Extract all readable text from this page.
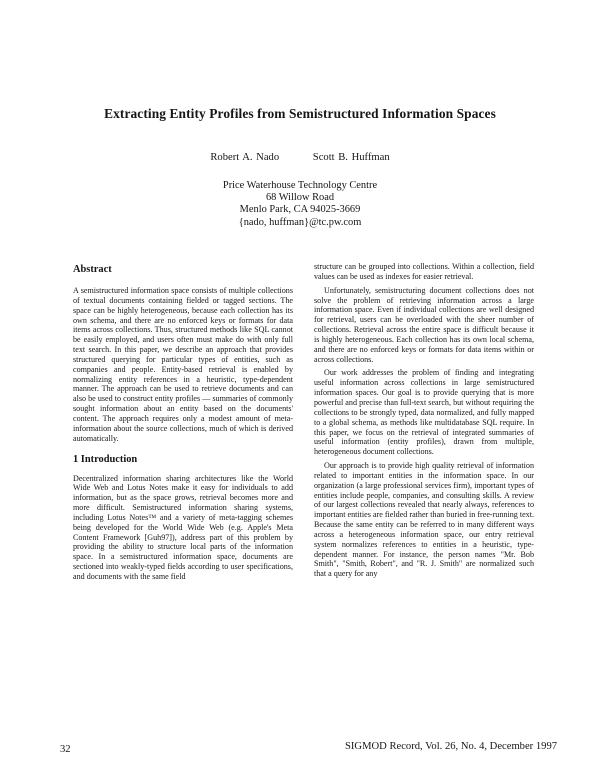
Extracting Entity Profiles from Semistructured Information Spaces
Robert A. Nado	Scott B. Huffman
Price Waterhouse Technology Centre
68 Willow Road
Menlo Park, CA 94025-3669
{nado, huffman}@tc.pw.com
Abstract

A semistructured information space consists of multiple collections of textual documents containing fielded or tagged sections. The space can be highly heterogeneous, because each collection has its own schema, and there are no enforced keys or formats for data items across collections. Thus, structured methods like SQL cannot be easily employed, and users often must make do with only full text search. In this paper, we describe an approach that provides structured querying for particular types of entities, such as companies and people. Entity-based retrieval is enabled by normalizing entity references in a heuristic, type-dependent manner. The approach can be used to retrieve documents and can also be used to construct entity profiles — summaries of commonly sought information about an entity based on the documents' content. The approach requires only a modest amount of meta-information about the source collections, much of which is derived automatically.

1 Introduction

Decentralized information sharing architectures like the World Wide Web and Lotus Notes make it easy for individuals to add information, but as the space grows, retrieval becomes more and more difficult. Semistructured information sharing systems, including Lotus Notes™ and a variety of meta-tagging schemes being developed for the World Wide Web (e.g. Apple's Meta Content Framework [Guh97]), address part of this problem by providing the ability to structure local parts of the information space. In a semistructured information space, documents are sectioned into weakly-typed fields according to user specifications, and documents with the same field

structure can be grouped into collections. Within a collection, field values can be used as indexes for easier retrieval.

Unfortunately, semistructuring document collections does not solve the problem of retrieving information across a large information space. Even if individual collections are well designed for retrieval, users can be overloaded with the sheer number of collections. Retrieval across the entire space is difficult because it is highly heterogeneous. Each collection has its own local schema, and there are no enforced keys or formats for data items within or across collections.

Our work addresses the problem of finding and integrating useful information across collections in large semistructured information spaces. Our goal is to provide querying that is more powerful and precise than full-text search, but without requiring the collections to be strongly typed, data normalized, and fully mapped to a global schema, as methods like multidatabase SQL require. In this paper, we focus on the retrieval of integrated summaries of useful information (entity profiles), drawn from multiple, heterogeneous document collections.

Our approach is to provide high quality retrieval of information related to important entities in the information space. In our organization (a large professional services firm), important types of entities include people, companies, and consulting skills. A review of our largest collections revealed that nearly always, references to important entities are fielded rather than buried in free-running text. Because the same entity can be referred to in many different ways across a heterogeneous information space, our entry retrieval system normalizes references to entities in a heuristic, type-dependent manner. For instance, the person names "Mr. Bob Smith", "Smith, Robert", and "R. J. Smith" are normalized such that a query for any

32	SIGMOD Record, Vol. 26, No. 4, December 1997
